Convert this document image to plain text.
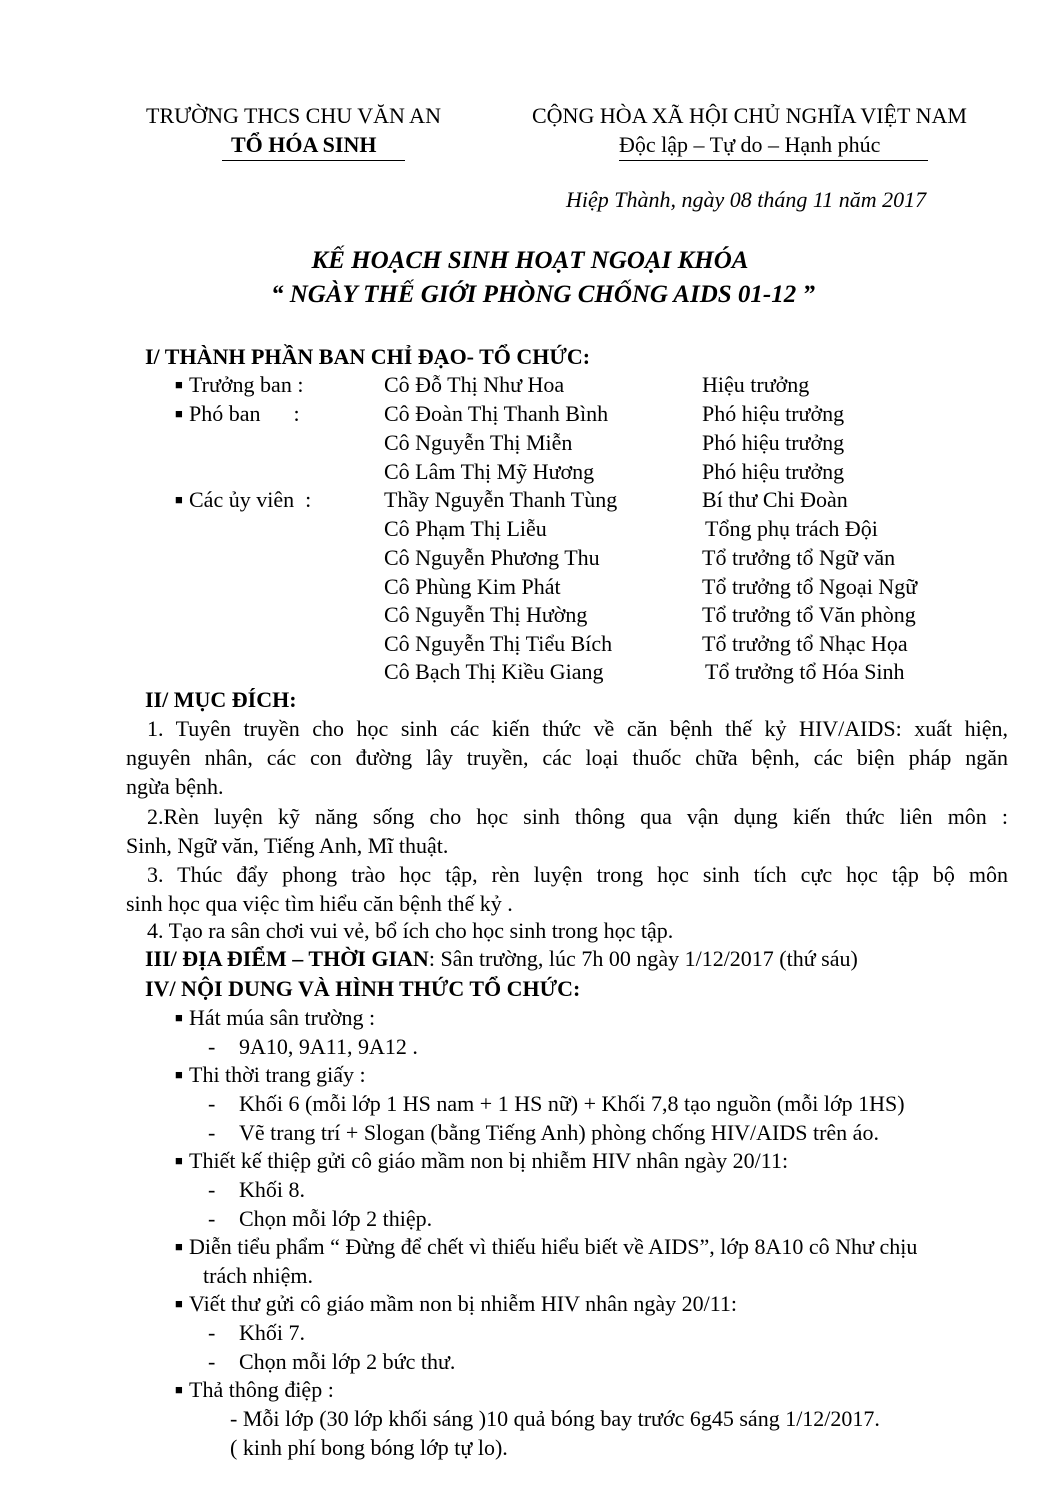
TRƯỜNG THCS CHU VĂN AN
TỔ HÓA SINH
CỘNG HÒA XÃ HỘI CHỦ NGHĨA VIỆT NAM
Độc lập – Tự do – Hạnh phúc
Hiệp Thành, ngày 08 tháng 11 năm 2017
KẾ HOẠCH SINH HOẠT NGOẠI KHÓA
“ NGÀY THẾ GIỚI PHÒNG CHỐNG AIDS 01-12 ”
I/ THÀNH PHẦN BAN CHỈ ĐẠO- TỔ CHỨC:
■ Trưởng ban :	Cô Đỗ Thị Như Hoa	Hiệu trưởng
■ Phó ban      :	Cô Đoàn Thị Thanh Bình	Phó hiệu trưởng
Cô Nguyễn Thị Miễn	Phó hiệu trưởng
Cô Lâm Thị Mỹ Hương	Phó hiệu trưởng
■ Các ủy viên  :	Thầy Nguyễn Thanh Tùng	Bí thư Chi Đoàn
Cô Phạm Thị Liễu	Tổng phụ trách Đội
Cô Nguyễn Phương Thu	Tổ trưởng tổ Ngữ văn
Cô Phùng Kim Phát	Tổ trưởng tổ Ngoại Ngữ
Cô Nguyễn Thị Hường	Tổ trưởng tổ Văn phòng
Cô Nguyễn Thị Tiểu Bích	Tổ trưởng tổ Nhạc Họa
Cô Bạch Thị Kiều Giang	Tổ trưởng tổ Hóa Sinh
II/ MỤC ĐÍCH:
1. Tuyên truyền cho học sinh các kiến thức về căn bệnh thế kỷ HIV/AIDS: xuất hiện,
nguyên nhân, các con đường lây truyền, các loại thuốc chữa bệnh, các biện pháp ngăn
ngừa bệnh.
2.Rèn luyện kỹ năng sống cho học sinh thông qua vận dụng kiến thức liên môn :
Sinh, Ngữ văn, Tiếng Anh, Mĩ thuật.
3. Thúc đẩy phong trào học tập, rèn luyện trong học sinh tích cực học tập bộ môn
sinh học qua việc tìm hiểu căn bệnh thế kỷ .
4. Tạo ra sân chơi vui vẻ, bổ ích cho học sinh trong học tập.
III/ ĐỊA ĐIỂM – THỜI GIAN: Sân trường, lúc 7h 00 ngày 1/12/2017 (thứ sáu)
IV/ NỘI DUNG VÀ HÌNH THỨC TỔ CHỨC:
■ Hát múa sân trường :
- 9A10, 9A11, 9A12 .
■ Thi thời trang giấy :
- Khối 6 (mỗi lớp 1 HS nam + 1 HS nữ) + Khối 7,8 tạo nguồn (mỗi lớp 1HS)
- Vẽ trang trí + Slogan (bằng Tiếng Anh) phòng chống HIV/AIDS trên áo.
■ Thiết kế thiệp gửi cô giáo mầm non bị nhiễm HIV nhân ngày 20/11:
- Khối 8.
- Chọn mỗi lớp 2 thiệp.
■ Diễn tiểu phẩm “ Đừng để chết vì thiếu hiểu biết về AIDS”, lớp 8A10 cô Như chịu
trách nhiệm.
■ Viết thư gửi cô giáo mầm non bị nhiễm HIV nhân ngày 20/11:
- Khối 7.
- Chọn mỗi lớp 2 bức thư.
■ Thả thông điệp :
- Mỗi lớp (30 lớp khối sáng )10 quả bóng bay trước 6g45 sáng 1/12/2017.
( kinh phí bong bóng lớp tự lo).
